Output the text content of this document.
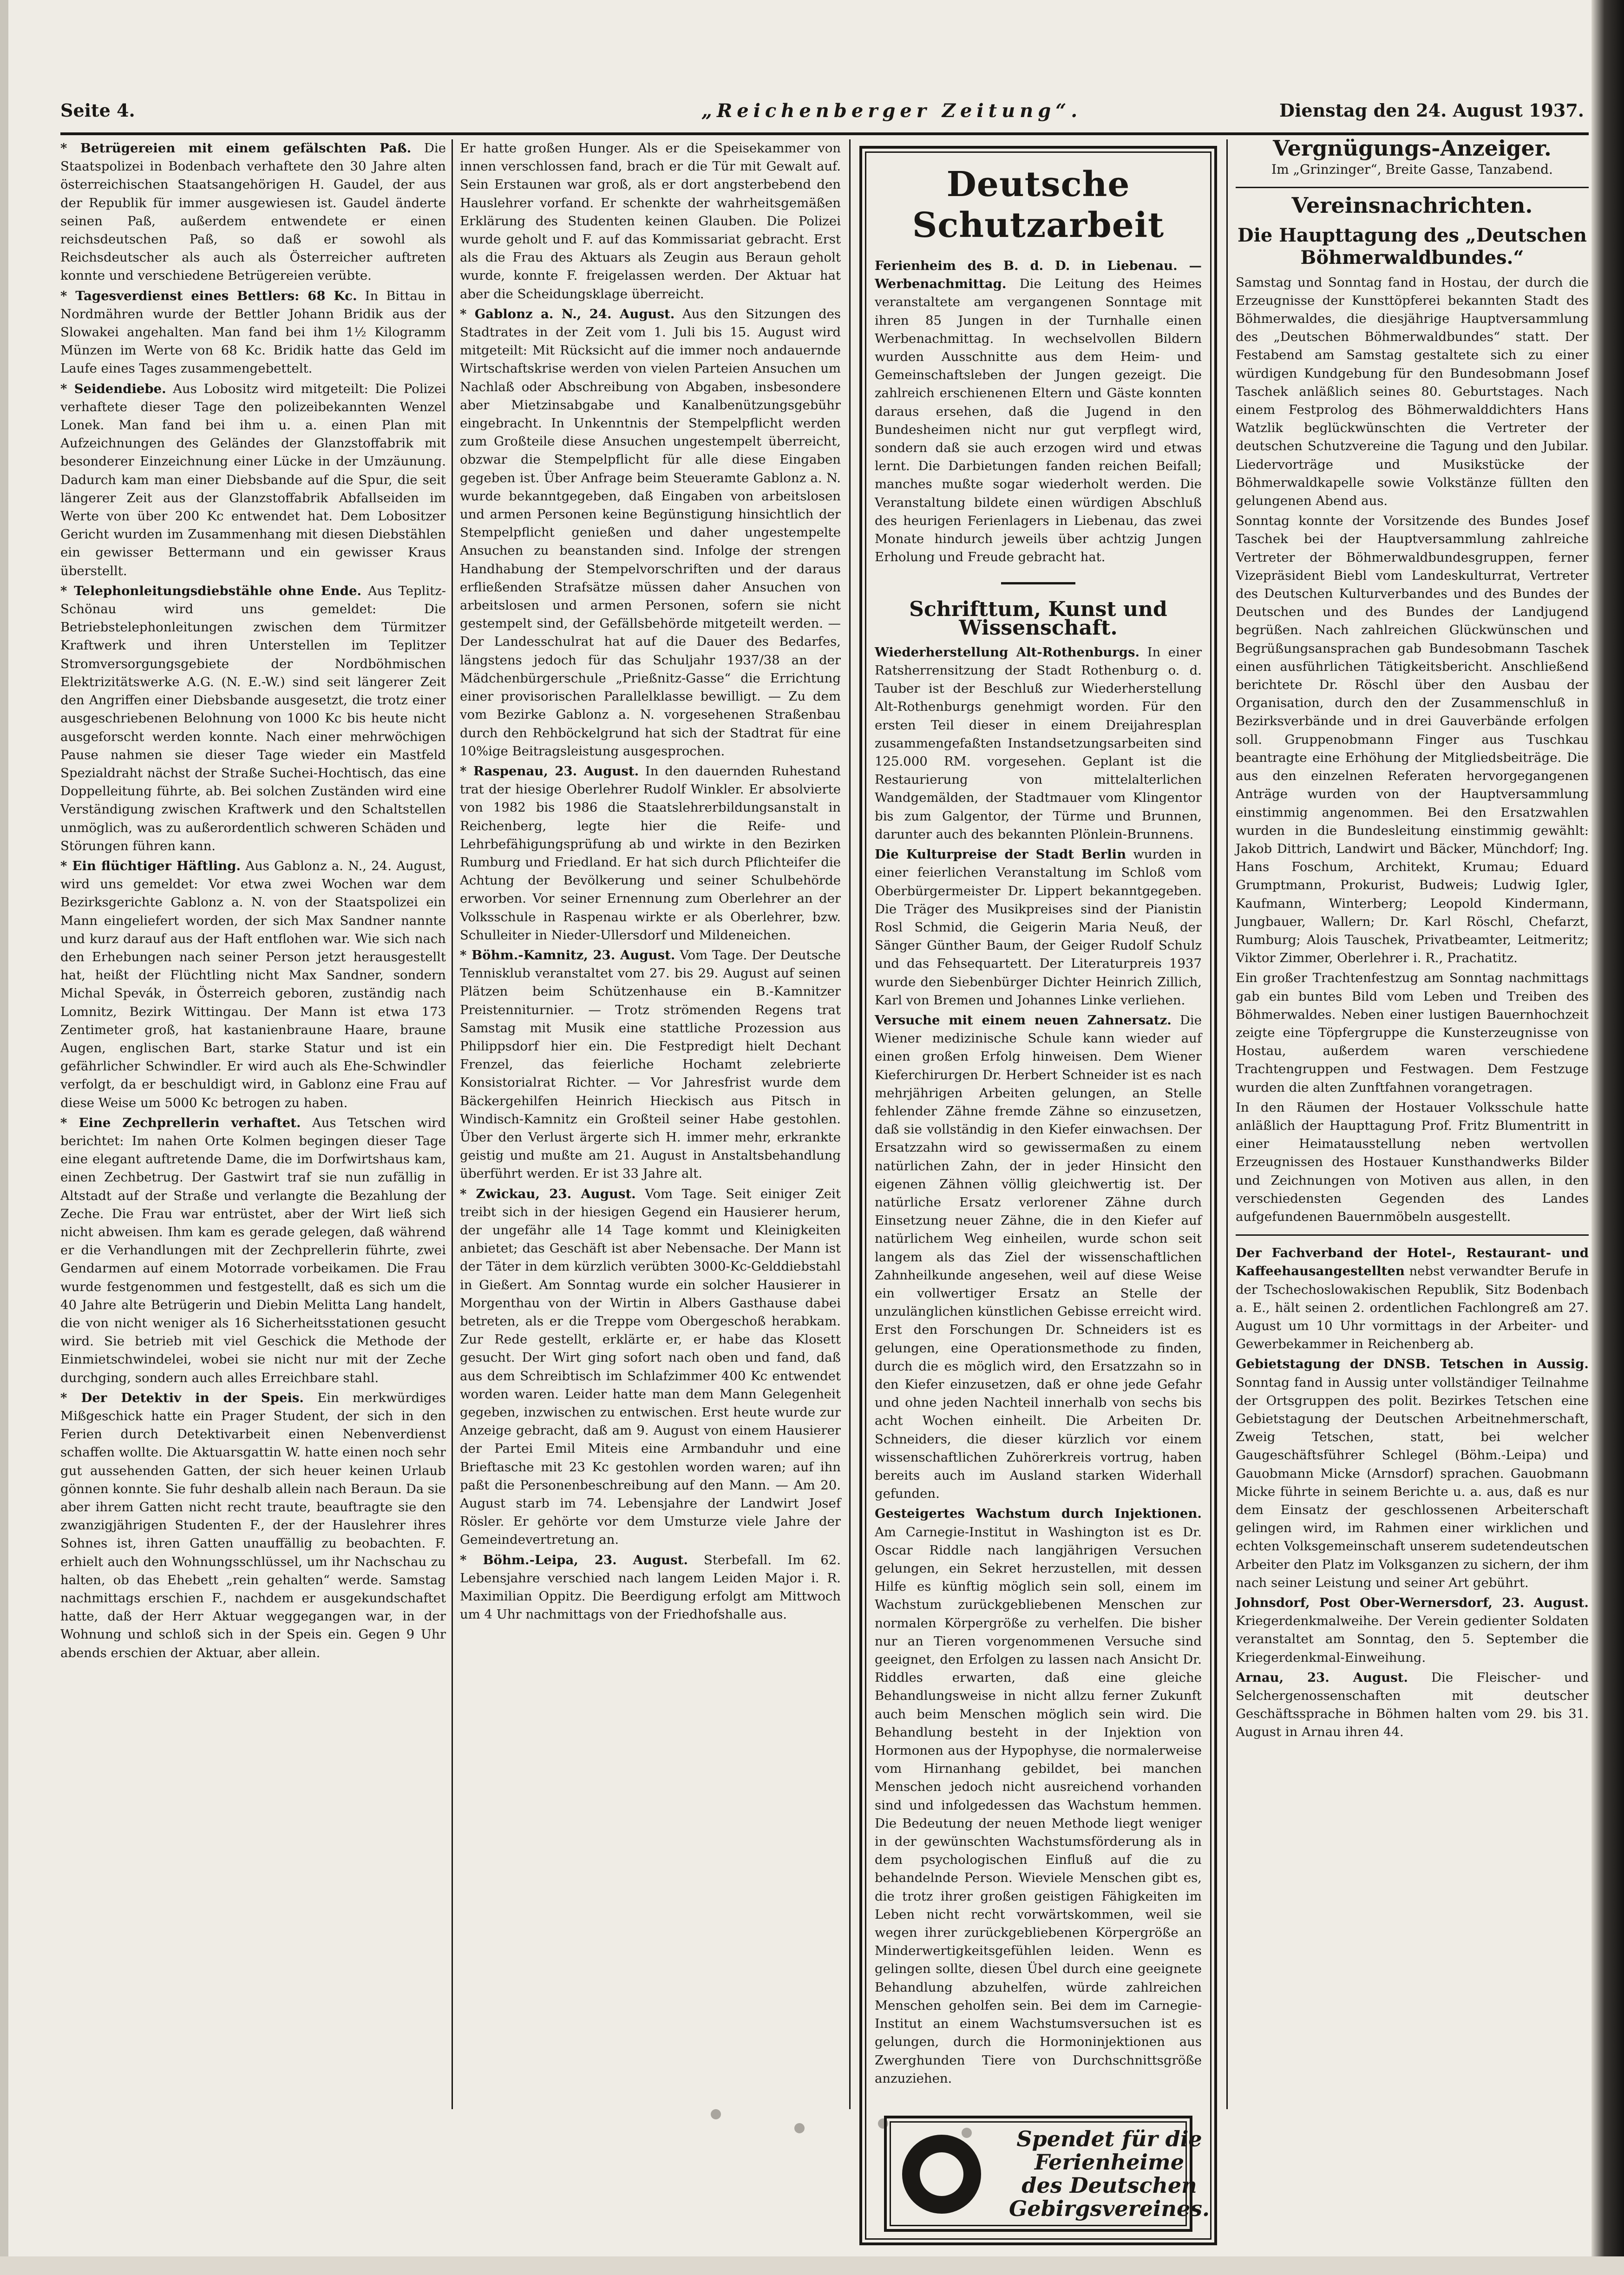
Seite 4.	„Reichenberger Zeitung“.	Dienstag den 24. August 1937.

* Betrügereien mit einem gefälschten Paß. Die Staatspolizei in Bodenbach verhaftete den 30 Jahre alten österreichischen Staatsangehörigen H. Gaudel, der aus der Republik für immer ausgewiesen ist. Gaudel änderte seinen Paß, außerdem entwendete er einen reichsdeutschen Paß, so daß er sowohl als Reichsdeutscher als auch als Österreicher auftreten konnte und verschiedene Betrügereien verübte.

* Tagesverdienst eines Bettlers: 68 Kc. In Bittau in Nordmähren wurde der Bettler Johann Bridik aus der Slowakei angehalten. Man fand bei ihm 1½ Kilogramm Münzen im Werte von 68 Kc. Bridik hatte das Geld im Laufe eines Tages zusammengebettelt.

* Seidendiebe. Aus Lobositz wird mitgeteilt: Die Polizei verhaftete dieser Tage den polizeibekannten Wenzel Lonek. Man fand bei ihm u. a. einen Plan mit Aufzeichnungen des Geländes der Glanzstoffabrik mit besonderer Einzeichnung einer Lücke in der Umzäunung. Dadurch kam man einer Diebsbande auf die Spur, die seit längerer Zeit aus der Glanzstoffabrik Abfallseiden im Werte von über 200 Kc entwendet hat. Dem Lobositzer Gericht wurden im Zusammenhang mit diesen Diebstählen ein gewisser Bettermann und ein gewisser Kraus überstellt.

* Telephonleitungsdiebstähle ohne Ende. Aus Teplitz-Schönau wird uns gemeldet: Die Betriebstelephonleitungen zwischen dem Türmitzer Kraftwerk und ihren Unterstellen im Teplitzer Stromversorgungsgebiete der Nordböhmischen Elektrizitätswerke A.G. (N. E.-W.) sind seit längerer Zeit den Angriffen einer Diebsbande ausgesetzt, die trotz einer ausgeschriebenen Belohnung von 1000 Kc bis heute nicht ausgeforscht werden konnte. Nach einer mehrwöchigen Pause nahmen sie dieser Tage wieder ein Mastfeld Spezialdraht nächst der Straße Suchei-Hochtisch, das eine Doppelleitung führte, ab. Bei solchen Zuständen wird eine Verständigung zwischen Kraftwerk und den Schaltstellen unmöglich, was zu außerordentlich schweren Schäden und Störungen führen kann.

* Ein flüchtiger Häftling. Aus Gablonz a. N., 24. August, wird uns gemeldet: Vor etwa zwei Wochen war dem Bezirksgerichte Gablonz a. N. von der Staatspolizei ein Mann eingeliefert worden, der sich Max Sandner nannte und kurz darauf aus der Haft entflohen war. Wie sich nach den Erhebungen nach seiner Person jetzt herausgestellt hat, heißt der Flüchtling nicht Max Sandner, sondern Michal Spevák, in Österreich geboren, zuständig nach Lomnitz, Bezirk Wittingau. Der Mann ist etwa 173 Zentimeter groß, hat kastanienbraune Haare, braune Augen, englischen Bart, starke Statur und ist ein gefährlicher Schwindler. Er wird auch als Ehe-Schwindler verfolgt, da er beschuldigt wird, in Gablonz eine Frau auf diese Weise um 5000 Kc betrogen zu haben.

* Eine Zechprellerin verhaftet. Aus Tetschen wird berichtet: Im nahen Orte Kolmen begingen dieser Tage eine elegant auftretende Dame, die im Dorfwirtshaus kam, einen Zechbetrug. Der Gastwirt traf sie nun zufällig in Altstadt auf der Straße und verlangte die Bezahlung der Zeche. Die Frau war entrüstet, aber der Wirt ließ sich nicht abweisen. Ihm kam es gerade gelegen, daß während er die Verhandlungen mit der Zechprellerin führte, zwei Gendarmen auf einem Motorrade vorbeikamen. Die Frau wurde festgenommen und festgestellt, daß es sich um die 40 Jahre alte Betrügerin und Diebin Melitta Lang handelt, die von nicht weniger als 16 Sicherheitsstationen gesucht wird. Sie betrieb mit viel Geschick die Methode der Einmietschwindelei, wobei sie nicht nur mit der Zeche durchging, sondern auch alles Erreichbare stahl.

* Der Detektiv in der Speis. Ein merkwürdiges Mißgeschick hatte ein Prager Student, der sich in den Ferien durch Detektivarbeit einen Nebenverdienst schaffen wollte. Die Aktuarsgattin W. hatte einen noch sehr gut aussehenden Gatten, der sich heuer keinen Urlaub gönnen konnte. Sie fuhr deshalb allein nach Beraun. Da sie aber ihrem Gatten nicht recht traute, beauftragte sie den zwanzigjährigen Studenten F., der der Hauslehrer ihres Sohnes ist, ihren Gatten unauffällig zu beobachten. F. erhielt auch den Wohnungsschlüssel, um ihr Nachschau zu halten, ob das Ehebett „rein gehalten“ werde. Samstag nachmittags erschien F., nachdem er ausgekundschaftet hatte, daß der Herr Aktuar weggegangen war, in der Wohnung und schloß sich in der Speis ein. Gegen 9 Uhr abends erschien der Aktuar, aber allein.

Er hatte großen Hunger. Als er die Speisekammer von innen verschlossen fand, brach er die Tür mit Gewalt auf. Sein Erstaunen war groß, als er dort angsterbebend den Hauslehrer vorfand. Er schenkte der wahrheitsgemäßen Erklärung des Studenten keinen Glauben. Die Polizei wurde geholt und F. auf das Kommissariat gebracht. Erst als die Frau des Aktuars als Zeugin aus Beraun geholt wurde, konnte F. freigelassen werden. Der Aktuar hat aber die Scheidungsklage überreicht.

* Gablonz a. N., 24. August. Aus den Sitzungen des Stadtrates in der Zeit vom 1. Juli bis 15. August wird mitgeteilt: Mit Rücksicht auf die immer noch andauernde Wirtschaftskrise werden von vielen Parteien Ansuchen um Nachlaß oder Abschreibung von Abgaben, insbesondere aber Mietzinsabgabe und Kanalbenützungsgebühr eingebracht. In Unkenntnis der Stempelpflicht werden zum Großteile diese Ansuchen ungestempelt überreicht, obzwar die Stempelpflicht für alle diese Eingaben gegeben ist. Über Anfrage beim Steueramte Gablonz a. N. wurde bekanntgegeben, daß Eingaben von arbeitslosen und armen Personen keine Begünstigung hinsichtlich der Stempelpflicht genießen und daher ungestempelte Ansuchen zu beanstanden sind. Infolge der strengen Handhabung der Stempelvorschriften und der daraus erfließenden Strafsätze müssen daher Ansuchen von arbeitslosen und armen Personen, sofern sie nicht gestempelt sind, der Gefällsbehörde mitgeteilt werden. — Der Landesschulrat hat auf die Dauer des Bedarfes, längstens jedoch für das Schuljahr 1937/38 an der Mädchenbürgerschule „Prießnitz-Gasse“ die Errichtung einer provisorischen Parallelklasse bewilligt. — Zu dem vom Bezirke Gablonz a. N. vorgesehenen Straßenbau durch den Rehböckelgrund hat sich der Stadtrat für eine 10%ige Beitragsleistung ausgesprochen.

* Raspenau, 23. August. In den dauernden Ruhestand trat der hiesige Oberlehrer Rudolf Winkler. Er absolvierte von 1982 bis 1986 die Staatslehrerbildungsanstalt in Reichenberg, legte hier die Reife- und Lehrbefähigungsprüfung ab und wirkte in den Bezirken Rumburg und Friedland. Er hat sich durch Pflichteifer die Achtung der Bevölkerung und seiner Schulbehörde erworben. Vor seiner Ernennung zum Oberlehrer an der Volksschule in Raspenau wirkte er als Oberlehrer, bzw. Schulleiter in Nieder-Ullersdorf und Mildeneichen.

* Böhm.-Kamnitz, 23. August. Vom Tage. Der Deutsche Tennisklub veranstaltet vom 27. bis 29. August auf seinen Plätzen beim Schützenhause ein B.-Kamnitzer Preistenniturnier. — Trotz strömenden Regens trat Samstag mit Musik eine stattliche Prozession aus Philippsdorf hier ein. Die Festpredigt hielt Dechant Frenzel, das feierliche Hochamt zelebrierte Konsistorialrat Richter. — Vor Jahresfrist wurde dem Bäckergehilfen Heinrich Hieckisch aus Pitsch in Windisch-Kamnitz ein Großteil seiner Habe gestohlen. Über den Verlust ärgerte sich H. immer mehr, erkrankte geistig und mußte am 21. August in Anstaltsbehandlung überführt werden. Er ist 33 Jahre alt.

* Zwickau, 23. August. Vom Tage. Seit einiger Zeit treibt sich in der hiesigen Gegend ein Hausierer herum, der ungefähr alle 14 Tage kommt und Kleinigkeiten anbietet; das Geschäft ist aber Nebensache. Der Mann ist der Täter in dem kürzlich verübten 3000-Kc-Gelddiebstahl in Gießert. Am Sonntag wurde ein solcher Hausierer in Morgenthau von der Wirtin in Albers Gasthause dabei betreten, als er die Treppe vom Obergeschoß herabkam. Zur Rede gestellt, erklärte er, er habe das Klosett gesucht. Der Wirt ging sofort nach oben und fand, daß aus dem Schreibtisch im Schlafzimmer 400 Kc entwendet worden waren. Leider hatte man dem Mann Gelegenheit gegeben, inzwischen zu entwischen. Erst heute wurde zur Anzeige gebracht, daß am 9. August von einem Hausierer der Partei Emil Miteis eine Armbanduhr und eine Brieftasche mit 23 Kc gestohlen worden waren; auf ihn paßt die Personenbeschreibung auf den Mann. — Am 20. August starb im 74. Lebensjahre der Landwirt Josef Rösler. Er gehörte vor dem Umsturze viele Jahre der Gemeindevertretung an.

* Böhm.-Leipa, 23. August. Sterbefall. Im 62. Lebensjahre verschied nach langem Leiden Major i. R. Maximilian Oppitz. Die Beerdigung erfolgt am Mittwoch um 4 Uhr nachmittags von der Friedhofshalle aus.

Deutsche Schutzarbeit

Ferienheim des B. d. D. in Liebenau. — Werbenachmittag. Die Leitung des Heimes veranstaltete am vergangenen Sonntage mit ihren 85 Jungen in der Turnhalle einen Werbenachmittag. In wechselvollen Bildern wurden Ausschnitte aus dem Heim- und Gemeinschaftsleben der Jungen gezeigt. Die zahlreich erschienenen Eltern und Gäste konnten daraus ersehen, daß die Jugend in den Bundesheimen nicht nur gut verpflegt wird, sondern daß sie auch erzogen wird und etwas lernt. Die Darbietungen fanden reichen Beifall; manches mußte sogar wiederholt werden. Die Veranstaltung bildete einen würdigen Abschluß des heurigen Ferienlagers in Liebenau, das zwei Monate hindurch jeweils über achtzig Jungen Erholung und Freude gebracht hat.

Schrifttum, Kunst und Wissenschaft.

Wiederherstellung Alt-Rothenburgs. In einer Ratsherrensitzung der Stadt Rothenburg o. d. Tauber ist der Beschluß zur Wiederherstellung Alt-Rothenburgs genehmigt worden. Für den ersten Teil dieser in einem Dreijahresplan zusammengefaßten Instandsetzungsarbeiten sind 125.000 RM. vorgesehen. Geplant ist die Restaurierung von mittelalterlichen Wandgemälden, der Stadtmauer vom Klingentor bis zum Galgentor, der Türme und Brunnen, darunter auch des bekannten Plönlein-Brunnens.

Die Kulturpreise der Stadt Berlin wurden in einer feierlichen Veranstaltung im Schloß vom Oberbürgermeister Dr. Lippert bekanntgegeben. Die Träger des Musikpreises sind der Pianistin Rosl Schmid, die Geigerin Maria Neuß, der Sänger Günther Baum, der Geiger Rudolf Schulz und das Fehsequartett. Der Literaturpreis 1937 wurde den Siebenbürger Dichter Heinrich Zillich, Karl von Bremen und Johannes Linke verliehen.

Versuche mit einem neuen Zahnersatz. Die Wiener medizinische Schule kann wieder auf einen großen Erfolg hinweisen. Dem Wiener Kieferchirurgen Dr. Herbert Schneider ist es nach mehrjährigen Arbeiten gelungen, an Stelle fehlender Zähne fremde Zähne so einzusetzen, daß sie vollständig in den Kiefer einwachsen. Der Ersatzzahn wird so gewissermaßen zu einem natürlichen Zahn, der in jeder Hinsicht den eigenen Zähnen völlig gleichwertig ist. Der natürliche Ersatz verlorener Zähne durch Einsetzung neuer Zähne, die in den Kiefer auf natürlichem Weg einheilen, wurde schon seit langem als das Ziel der wissenschaftlichen Zahnheilkunde angesehen, weil auf diese Weise ein vollwertiger Ersatz an Stelle der unzulänglichen künstlichen Gebisse erreicht wird. Erst den Forschungen Dr. Schneiders ist es gelungen, eine Operationsmethode zu finden, durch die es möglich wird, den Ersatzzahn so in den Kiefer einzusetzen, daß er ohne jede Gefahr und ohne jeden Nachteil innerhalb von sechs bis acht Wochen einheilt. Die Arbeiten Dr. Schneiders, die dieser kürzlich vor einem wissenschaftlichen Zuhörerkreis vortrug, haben bereits auch im Ausland starken Widerhall gefunden.

Gesteigertes Wachstum durch Injektionen. Am Carnegie-Institut in Washington ist es Dr. Oscar Riddle nach langjährigen Versuchen gelungen, ein Sekret herzustellen, mit dessen Hilfe es künftig möglich sein soll, einem im Wachstum zurückgebliebenen Menschen zur normalen Körpergröße zu verhelfen. Die bisher nur an Tieren vorgenommenen Versuche sind geeignet, den Erfolgen zu lassen nach Ansicht Dr. Riddles erwarten, daß eine gleiche Behandlungsweise in nicht allzu ferner Zukunft auch beim Menschen möglich sein wird. Die Behandlung besteht in der Injektion von Hormonen aus der Hypophyse, die normalerweise vom Hirnanhang gebildet, bei manchen Menschen jedoch nicht ausreichend vorhanden sind und infolgedessen das Wachstum hemmen. Die Bedeutung der neuen Methode liegt weniger in der gewünschten Wachstumsförderung als in dem psychologischen Einfluß auf die zu behandelnde Person. Wieviele Menschen gibt es, die trotz ihrer großen geistigen Fähigkeiten im Leben nicht recht vorwärtskommen, weil sie wegen ihrer zurückgebliebenen Körpergröße an Minderwertigkeitsgefühlen leiden. Wenn es gelingen sollte, diesen Übel durch eine geeignete Behandlung abzuhelfen, würde zahlreichen Menschen geholfen sein. Bei dem im Carnegie-Institut an einem Wachstumsversuchen ist es gelungen, durch die Hormoninjektionen aus Zwerghunden Tiere von Durchschnittsgröße anzuziehen.

Spendet für die
Ferienheime
des Deutschen
Gebirgsvereines.
Vergnügungs-Anzeiger.
Im „Grinzinger“, Breite Gasse, Tanzabend.
Vereinsnachrichten.
Die Haupttagung des „Deutschen Böhmerwaldbundes.“

Samstag und Sonntag fand in Hostau, der durch die Erzeugnisse der Kunsttöpferei bekannten Stadt des Böhmerwaldes, die diesjährige Hauptversammlung des „Deutschen Böhmerwaldbundes“ statt. Der Festabend am Samstag gestaltete sich zu einer würdigen Kundgebung für den Bundesobmann Josef Taschek anläßlich seines 80. Geburtstages. Nach einem Festprolog des Böhmerwalddichters Hans Watzlik beglückwünschten die Vertreter der deutschen Schutzvereine die Tagung und den Jubilar. Liedervorträge und Musikstücke der Böhmerwaldkapelle sowie Volkstänze füllten den gelungenen Abend aus.

Sonntag konnte der Vorsitzende des Bundes Josef Taschek bei der Hauptversammlung zahlreiche Vertreter der Böhmerwaldbundesgruppen, ferner Vizepräsident Biebl vom Landeskulturrat, Vertreter des Deutschen Kulturverbandes und des Bundes der Deutschen und des Bundes der Landjugend begrüßen. Nach zahlreichen Glückwünschen und Begrüßungsansprachen gab Bundesobmann Taschek einen ausführlichen Tätigkeitsbericht. Anschließend berichtete Dr. Röschl über den Ausbau der Organisation, durch den der Zusammenschluß in Bezirksverbände und in drei Gauverbände erfolgen soll. Gruppenobmann Finger aus Tuschkau beantragte eine Erhöhung der Mitgliedsbeiträge. Die aus den einzelnen Referaten hervorgegangenen Anträge wurden von der Hauptversammlung einstimmig angenommen. Bei den Ersatzwahlen wurden in die Bundesleitung einstimmig gewählt: Jakob Dittrich, Landwirt und Bäcker, Münchdorf; Ing. Hans Foschum, Architekt, Krumau; Eduard Grumptmann, Prokurist, Budweis; Ludwig Igler, Kaufmann, Winterberg; Leopold Kindermann, Jungbauer, Wallern; Dr. Karl Röschl, Chefarzt, Rumburg; Alois Tauschek, Privatbeamter, Leitmeritz; Viktor Zimmer, Oberlehrer i. R., Prachatitz.

Ein großer Trachtenfestzug am Sonntag nachmittags gab ein buntes Bild vom Leben und Treiben des Böhmerwaldes. Neben einer lustigen Bauernhochzeit zeigte eine Töpfergruppe die Kunsterzeugnisse von Hostau, außerdem waren verschiedene Trachtengruppen und Festwagen. Dem Festzuge wurden die alten Zunftfahnen vorangetragen.

In den Räumen der Hostauer Volksschule hatte anläßlich der Haupttagung Prof. Fritz Blumentritt in einer Heimatausstellung neben wertvollen Erzeugnissen des Hostauer Kunsthandwerks Bilder und Zeichnungen von Motiven aus allen, in den verschiedensten Gegenden des Landes aufgefundenen Bauernmöbeln ausgestellt.

Der Fachverband der Hotel-, Restaurant- und Kaffeehausangestellten nebst verwandter Berufe in der Tschechoslowakischen Republik, Sitz Bodenbach a. E., hält seinen 2. ordentlichen Fachlongreß am 27. August um 10 Uhr vormittags in der Arbeiter- und Gewerbekammer in Reichenberg ab.

Gebietstagung der DNSB. Tetschen in Aussig. Sonntag fand in Aussig unter vollständiger Teilnahme der Ortsgruppen des polit. Bezirkes Tetschen eine Gebietstagung der Deutschen Arbeitnehmerschaft, Zweig Tetschen, statt, bei welcher Gaugeschäftsführer Schlegel (Böhm.-Leipa) und Gauobmann Micke (Arnsdorf) sprachen. Gauobmann Micke führte in seinem Berichte u. a. aus, daß es nur dem Einsatz der geschlossenen Arbeiterschaft gelingen wird, im Rahmen einer wirklichen und echten Volksgemeinschaft unserem sudetendeutschen Arbeiter den Platz im Volksganzen zu sichern, der ihm nach seiner Leistung und seiner Art gebührt.

Johnsdorf, Post Ober-Wernersdorf, 23. August. Kriegerdenkmalweihe. Der Verein gedienter Soldaten veranstaltet am Sonntag, den 5. September die Kriegerdenkmal-Einweihung.

Arnau, 23. August. Die Fleischer- und Selchergenossenschaften mit deutscher Geschäftssprache in Böhmen halten vom 29. bis 31. August in Arnau ihren 44.
